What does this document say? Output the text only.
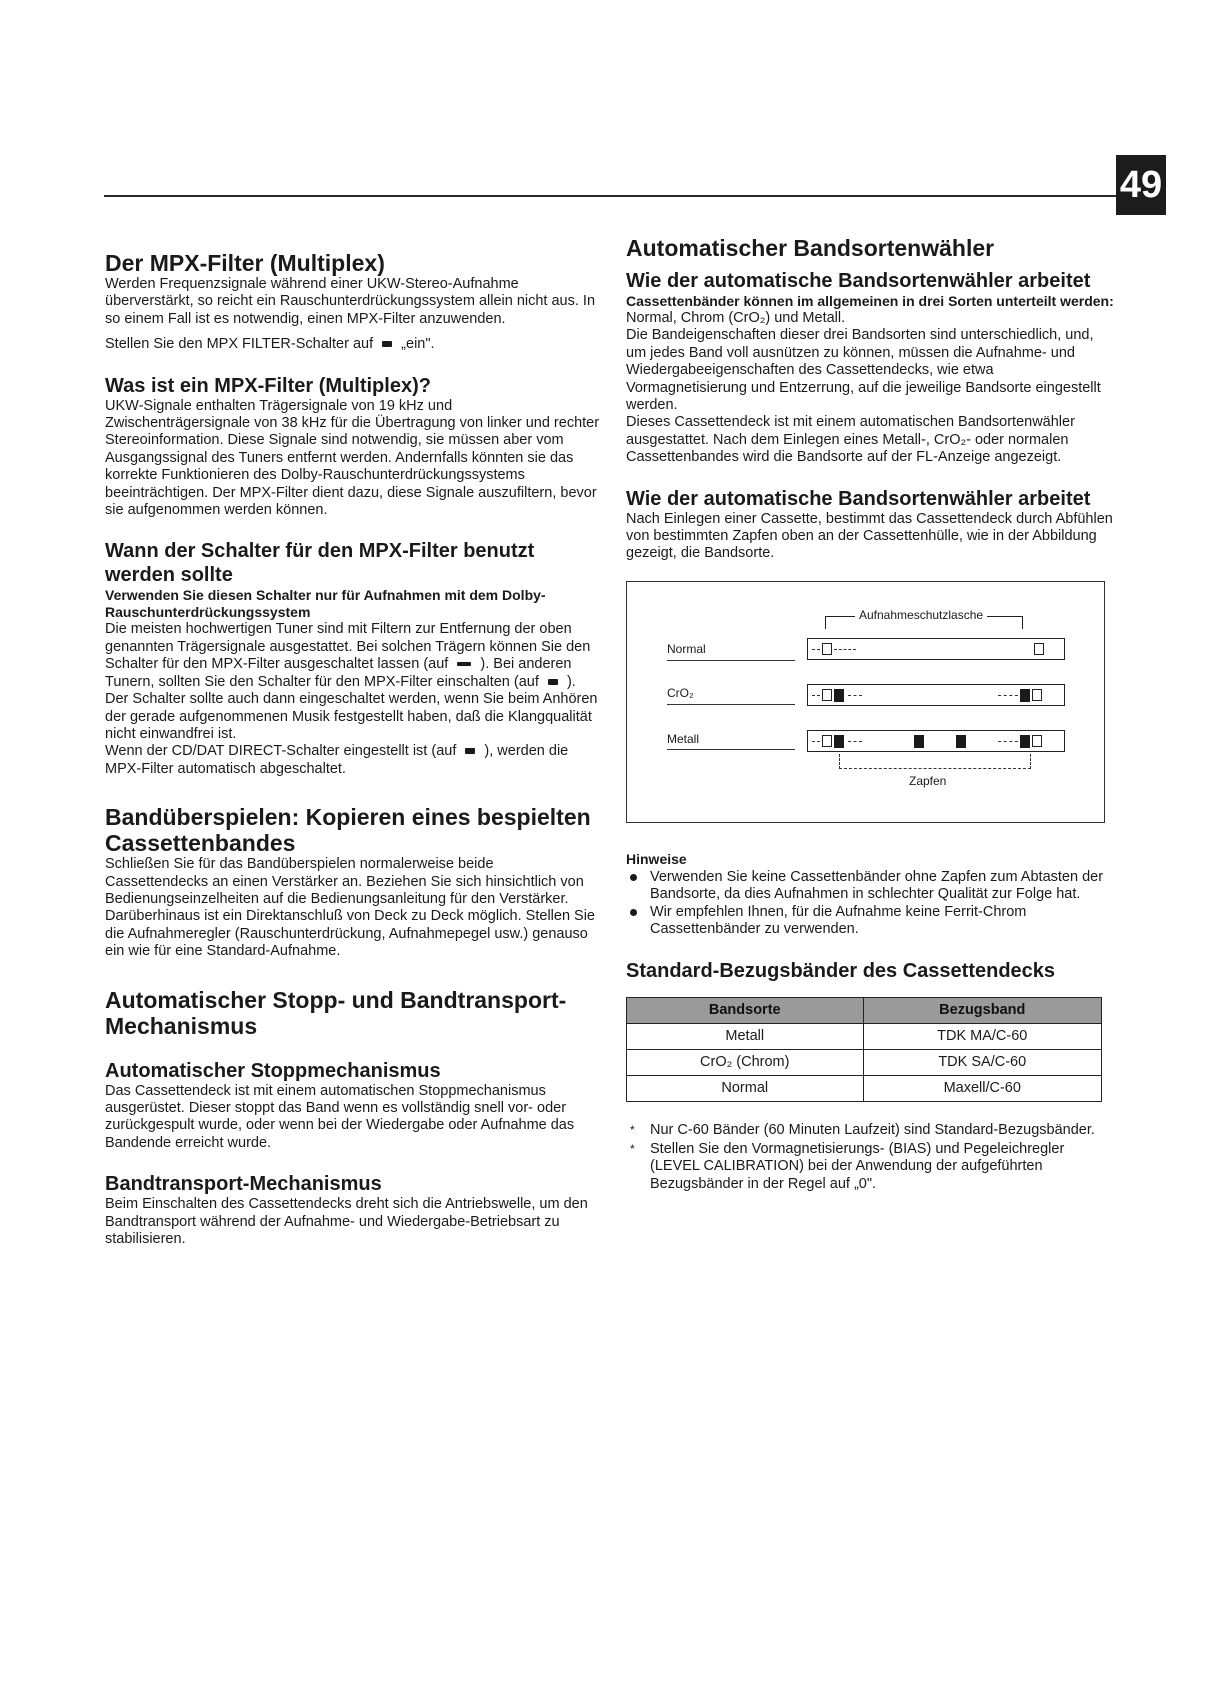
49
Der MPX-Filter (Multiplex)

Werden Frequenzsignale während einer UKW-Stereo-Aufnahme überverstärkt, so reicht ein Rauschunterdrückungssystem allein nicht aus. In so einem Fall ist es notwendig, einen MPX-Filter anzuwenden.

Stellen Sie den MPX FILTER-Schalter auf „ein".

Was ist ein MPX-Filter (Multiplex)?

UKW-Signale enthalten Trägersignale von 19 kHz und Zwischenträgersignale von 38 kHz für die Übertragung von linker und rechter Stereoinformation. Diese Signale sind notwendig, sie müssen aber vom Ausgangssignal des Tuners entfernt werden. Andernfalls könnten sie das korrekte Funktionieren des Dolby-Rauschunterdrückungssystems beeinträchtigen. Der MPX-Filter dient dazu, diese Signale auszufiltern, bevor sie aufgenommen werden können.

Wann der Schalter für den MPX-Filter benutzt werden sollte

Verwenden Sie diesen Schalter nur für Aufnahmen mit dem Dolby-Rauschunterdrückungssystem

Die meisten hochwertigen Tuner sind mit Filtern zur Entfernung der oben genannten Trägersignale ausgestattet. Bei solchen Trägern können Sie den Schalter für den MPX-Filter ausgeschaltet lassen (auf ). Bei anderen Tunern, sollten Sie den Schalter für den MPX-Filter einschalten (auf ). Der Schalter sollte auch dann eingeschaltet werden, wenn Sie beim Anhören der gerade aufgenommenen Musik festgestellt haben, daß die Klangqualität nicht einwandfrei ist.

Wenn der CD/DAT DIRECT-Schalter eingestellt ist (auf ), werden die MPX-Filter automatisch abgeschaltet.

Bandüberspielen: Kopieren eines bespielten Cassettenbandes

Schließen Sie für das Bandüberspielen normalerweise beide Cassettendecks an einen Verstärker an. Beziehen Sie sich hinsichtlich von Bedienungseinzelheiten auf die Bedienungsanleitung für den Verstärker. Darüberhinaus ist ein Direktanschluß von Deck zu Deck möglich. Stellen Sie die Aufnahmeregler (Rauschunterdrückung, Aufnahmepegel usw.) genauso ein wie für eine Standard-Aufnahme.

Automatischer Stopp- und Bandtransport-Mechanismus
Automatischer Stoppmechanismus

Das Cassettendeck ist mit einem automatischen Stoppmechanismus ausgerüstet. Dieser stoppt das Band wenn es vollständig snell vor- oder zurückgespult wurde, oder wenn bei der Wiedergabe oder Aufnahme das Bandende erreicht wurde.

Bandtransport-Mechanismus

Beim Einschalten des Cassettendecks dreht sich die Antriebswelle, um den Bandtransport während der Aufnahme- und Wiedergabe-Betriebsart zu stabilisieren.

Automatischer Bandsortenwähler
Wie der automatische Bandsortenwähler arbeitet

Cassettenbänder können im allgemeinen in drei Sorten unterteilt werden:

Normal, Chrom (CrO₂) und Metall.

Die Bandeigenschaften dieser drei Bandsorten sind unterschiedlich, und, um jedes Band voll ausnützen zu können, müssen die Aufnahme- und Wiedergabeeigenschaften des Cassettendecks, wie etwa Vormagnetisierung und Entzerrung, auf die jeweilige Bandsorte eingestellt werden.

Dieses Cassettendeck ist mit einem automatischen Bandsortenwähler ausgestattet. Nach dem Einlegen eines Metall-, CrO₂- oder normalen Cassettenbandes wird die Bandsorte auf der FL-Anzeige angezeigt.

Wie der automatische Bandsortenwähler arbeitet

Nach Einlegen einer Cassette, bestimmt das Cassettendeck durch Abfühlen von bestimmten Zapfen oben an der Cassettenhülle, wie in der Abbildung gezeigt, die Bandsorte.

Aufnahmeschutzlasche
Normal
CrO₂
Metall
Zapfen
Hinweise
Verwenden Sie keine Cassettenbänder ohne Zapfen zum Abtasten der Bandsorte, da dies Aufnahmen in schlechter Qualität zur Folge hat.
Wir empfehlen Ihnen, für die Aufnahme keine Ferrit-Chrom Cassettenbänder zu verwenden.
Standard-Bezugsbänder des Cassettendecks
Bandsorte	Bezugsband
Metall	TDK MA/C-60
CrO₂ (Chrom)	TDK SA/C-60
Normal	Maxell/C-60
* Nur C-60 Bänder (60 Minuten Laufzeit) sind Standard-Bezugsbänder.
* Stellen Sie den Vormagnetisierungs- (BIAS) und Pegeleichregler (LEVEL CALIBRATION) bei der Anwendung der aufgeführten Bezugsbänder in der Regel auf „0".
